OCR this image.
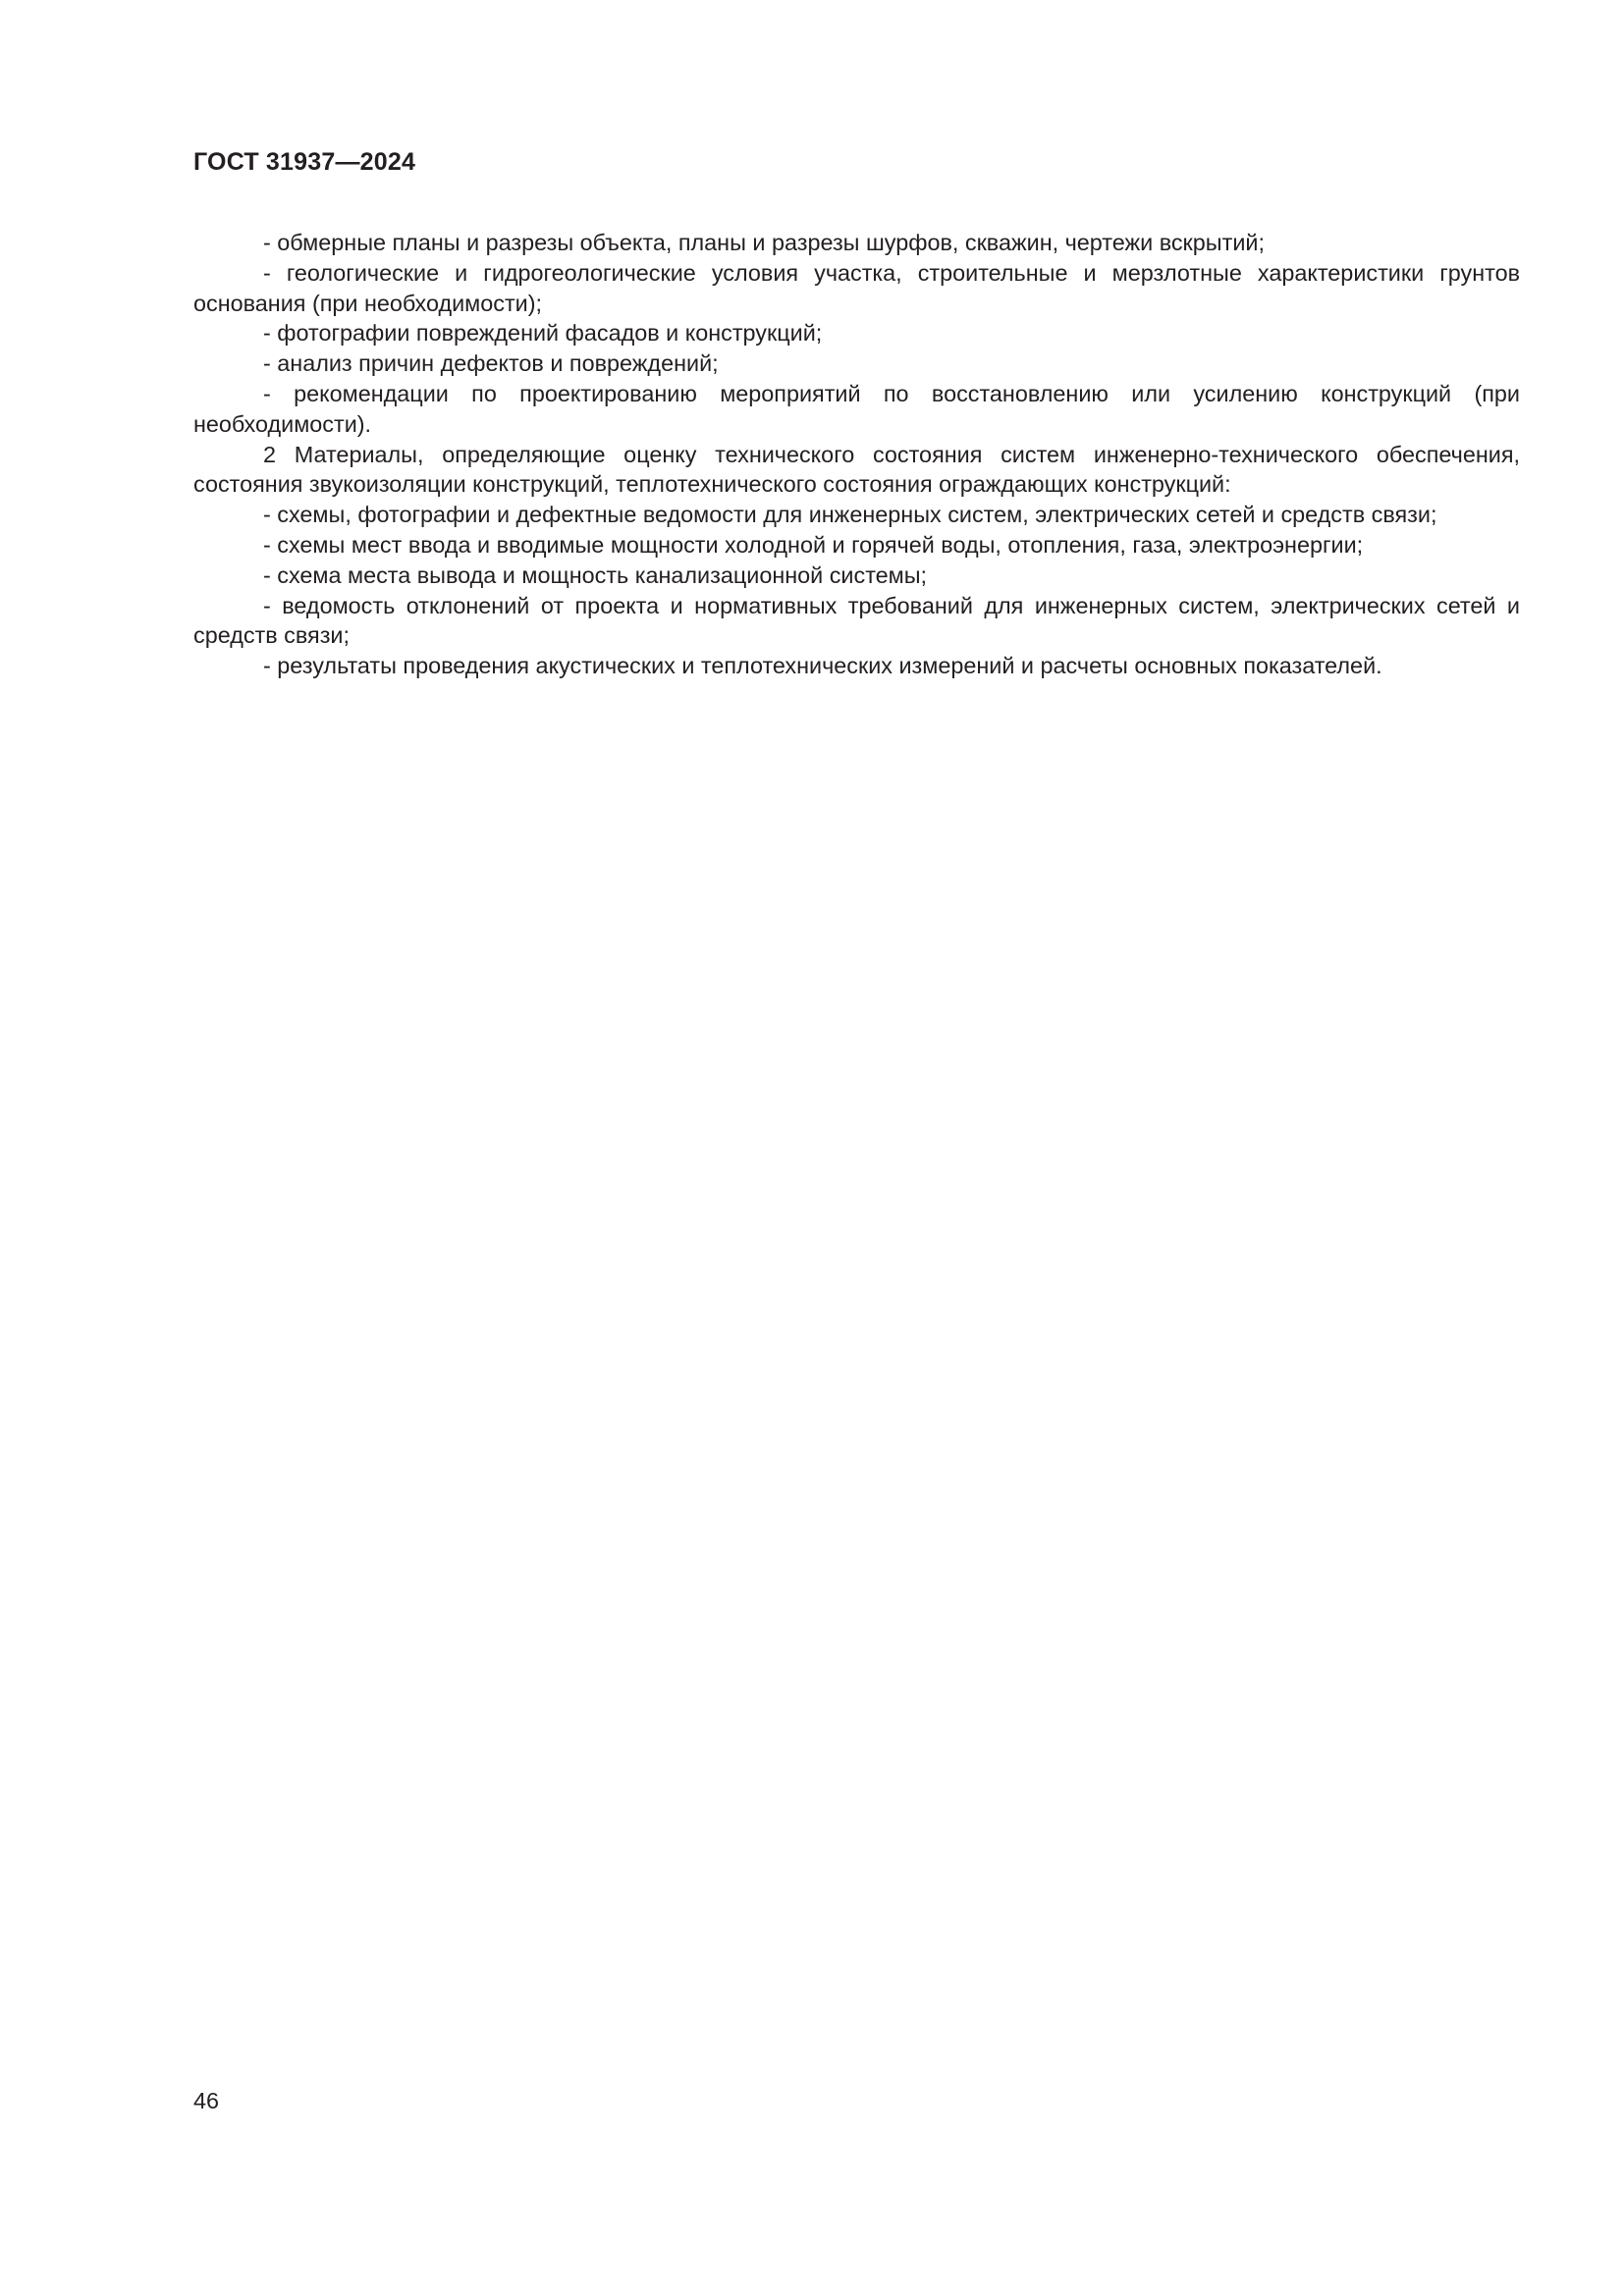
ГОСТ 31937—2024

- обмерные планы и разрезы объекта, планы и разрезы шурфов, скважин, чертежи вскрытий;

- геологические и гидрогеологические условия участка, строительные и мерзлотные характеристики грунтов основания (при необходимости);

- фотографии повреждений фасадов и конструкций;

- анализ причин дефектов и повреждений;

- рекомендации по проектированию мероприятий по восстановлению или усилению конструкций (при необходимости).

2 Материалы, определяющие оценку технического состояния систем инженерно-технического обеспечения, состояния звукоизоляции конструкций, теплотехнического состояния ограждающих конструкций:

- схемы, фотографии и дефектные ведомости для инженерных систем, электрических сетей и средств связи;

- схемы мест ввода и вводимые мощности холодной и горячей воды, отопления, газа, электроэнергии;

- схема места вывода и мощность канализационной системы;

- ведомость отклонений от проекта и нормативных требований для инженерных систем, электрических сетей и средств связи;

- результаты проведения акустических и теплотехнических измерений и расчеты основных показателей.

46
